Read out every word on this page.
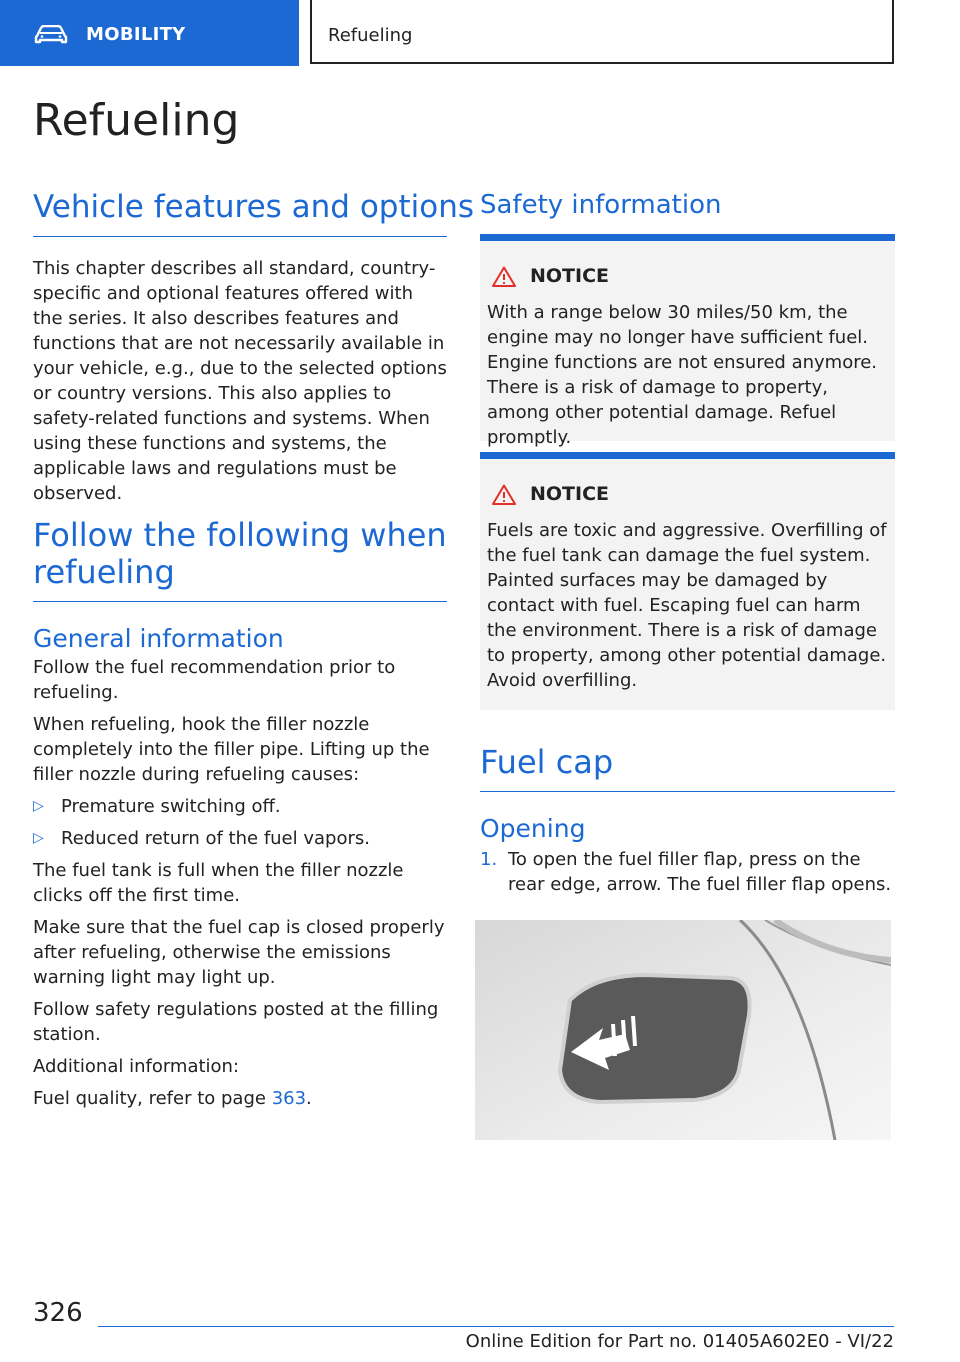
MOBILITY	Refueling
Refueling
Vehicle features and options

This chapter describes all standard, country-specific and optional features offered with the series. It also describes features and functions that are not necessarily available in your vehicle, e.g., due to the selected options or country versions. This also applies to safety-related functions and systems. When using these functions and systems, the applicable laws and regulations must be observed.

Follow the following when refueling
General information

Follow the fuel recommendation prior to refueling.

When refueling, hook the filler nozzle completely into the filler pipe. Lifting up the filler nozzle during refueling causes:

▷ Premature switching off.
▷ Reduced return of the fuel vapors.

The fuel tank is full when the filler nozzle clicks off the first time.

Make sure that the fuel cap is closed properly after refueling, otherwise the emissions warning light may light up.

Follow safety regulations posted at the filling station.

Additional information:

Fuel quality, refer to page 363.

Safety information
NOTICE
With a range below 30 miles/50 km, the engine may no longer have sufficient fuel. Engine functions are not ensured anymore. There is a risk of damage to property, among other potential damage. Refuel promptly.
NOTICE
Fuels are toxic and aggressive. Overfilling of the fuel tank can damage the fuel system. Painted surfaces may be damaged by contact with fuel. Escaping fuel can harm the environment. There is a risk of damage to property, among other potential damage. Avoid overfilling.
Fuel cap
Opening
1. To open the fuel filler flap, press on the rear edge, arrow. The fuel filler flap opens.
326
Online Edition for Part no. 01405A602E0 - VI/22
